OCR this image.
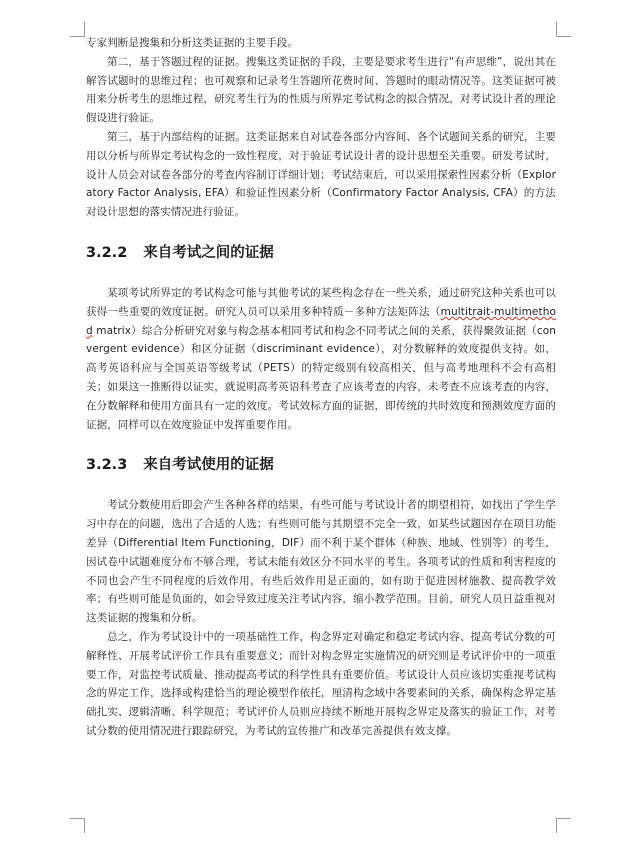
专家判断是搜集和分析这类证据的主要手段。

第二，基于答题过程的证据。搜集这类证据的手段，主要是要求考生进行“有声思维”，说出其在解答试题时的思维过程；也可观察和记录考生答题所花费时间、答题时的眼动情况等。这类证据可被用来分析考生的思维过程，研究考生行为的性质与所界定考试构念的拟合情况，对考试设计者的理论假设进行验证。

第三，基于内部结构的证据。这类证据来自对试卷各部分内容间、各个试题间关系的研究，主要用以分析与所界定考试构念的一致性程度，对于验证考试设计者的设计思想至关重要。研发考试时，设计人员会对试卷各部分的考查内容制订详细计划；考试结束后，可以采用探索性因素分析（Exploratory Factor Analysis, EFA）和验证性因素分析（Confirmatory Factor Analysis, CFA）的方法对设计思想的落实情况进行验证。

3.2.2 来自考试之间的证据

某项考试所界定的考试构念可能与其他考试的某些构念存在一些关系，通过研究这种关系也可以获得一些重要的效度证据。研究人员可以采用多种特质－多种方法矩阵法（multitrait-multimethod matrix）综合分析研究对象与构念基本相同考试和构念不同考试之间的关系，获得聚敛证据（convergent evidence）和区分证据（discriminant evidence），对分数解释的效度提供支持。如，高考英语科应与全国英语等级考试（PETS）的特定级别有较高相关，但与高考地理科不会有高相关；如果这一推断得以证实，就说明高考英语科考查了应该考查的内容，未考查不应该考查的内容，在分数解释和使用方面具有一定的效度。考试效标方面的证据，即传统的共时效度和预测效度方面的证据，同样可以在效度验证中发挥重要作用。

3.2.3 来自考试使用的证据

考试分数使用后即会产生各种各样的结果，有些可能与考试设计者的期望相符，如找出了学生学习中存在的问题，选出了合适的人选；有些则可能与其期望不完全一致，如某些试题因存在项目功能差异（Differential Item Functioning，DIF）而不利于某个群体（种族、地域、性别等）的考生，因试卷中试题难度分布不够合理，考试未能有效区分不同水平的考生。各项考试的性质和利害程度的不同也会产生不同程度的后效作用，有些后效作用是正面的，如有助于促进因材施教、提高教学效率；有些则可能是负面的，如会导致过度关注考试内容，缩小教学范围。目前，研究人员日益重视对这类证据的搜集和分析。

总之，作为考试设计中的一项基础性工作，构念界定对确定和稳定考试内容、提高考试分数的可解释性、开展考试评价工作具有重要意义；而针对构念界定实施情况的研究则是考试评价中的一项重要工作，对监控考试质量、推动提高考试的科学性具有重要价值。考试设计人员应该切实重视考试构念的界定工作，选择或构建恰当的理论模型作依托，厘清构念域中各要素间的关系，确保构念界定基础扎实、逻辑清晰、科学规范；考试评价人员则应持续不断地开展构念界定及落实的验证工作，对考试分数的使用情况进行跟踪研究，为考试的宣传推广和改革完善提供有效支撑。
